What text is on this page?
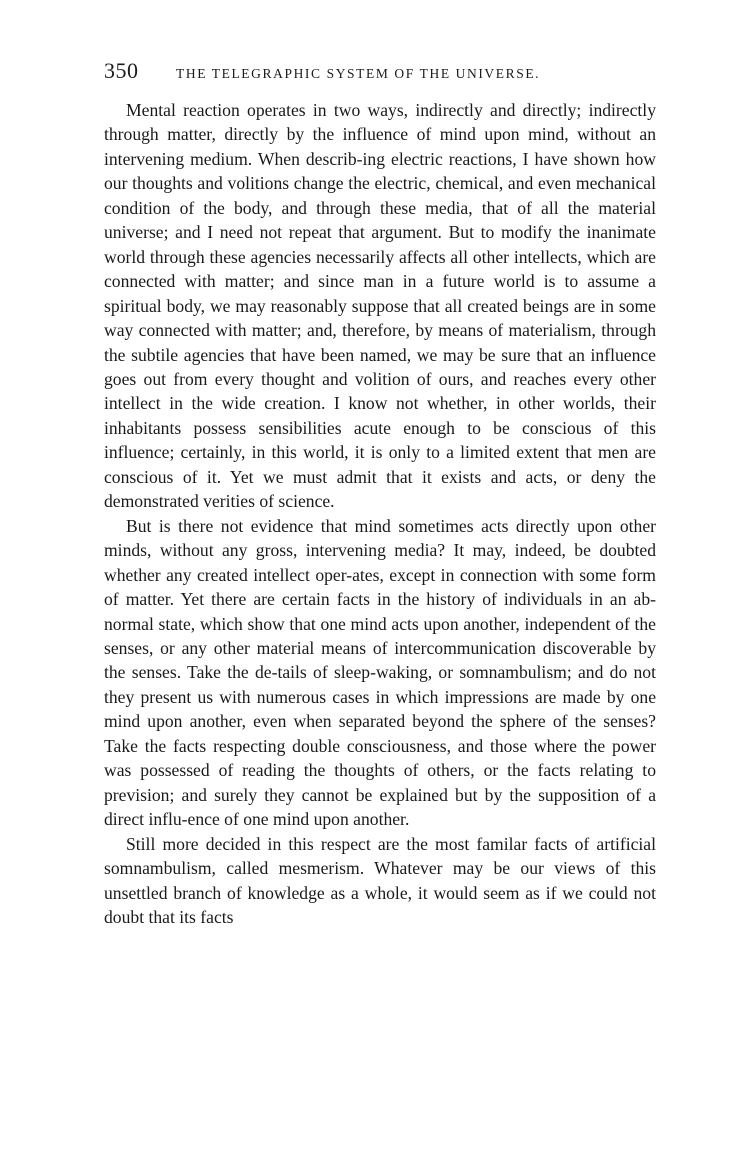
350	THE TELEGRAPHIC SYSTEM OF THE UNIVERSE.

Mental reaction operates in two ways, indirectly and directly; indirectly through matter, directly by the influence of mind upon mind, without an intervening medium. When describ-ing electric reactions, I have shown how our thoughts and volitions change the electric, chemical, and even mechanical condition of the body, and through these media, that of all the material universe; and I need not repeat that argument. But to modify the inanimate world through these agencies necessarily affects all other intellects, which are connected with matter; and since man in a future world is to assume a spiritual body, we may reasonably suppose that all created beings are in some way connected with matter; and, therefore, by means of materialism, through the subtile agencies that have been named, we may be sure that an influence goes out from every thought and volition of ours, and reaches every other intellect in the wide creation. I know not whether, in other worlds, their inhabitants possess sensibilities acute enough to be conscious of this influence; certainly, in this world, it is only to a limited extent that men are conscious of it. Yet we must admit that it exists and acts, or deny the demonstrated verities of science.

But is there not evidence that mind sometimes acts directly upon other minds, without any gross, intervening media? It may, indeed, be doubted whether any created intellect oper-ates, except in connection with some form of matter. Yet there are certain facts in the history of individuals in an ab-normal state, which show that one mind acts upon another, independent of the senses, or any other material means of intercommunication discoverable by the senses. Take the de-tails of sleep-waking, or somnambulism; and do not they present us with numerous cases in which impressions are made by one mind upon another, even when separated beyond the sphere of the senses? Take the facts respecting double consciousness, and those where the power was possessed of reading the thoughts of others, or the facts relating to prevision; and surely they cannot be explained but by the supposition of a direct influ-ence of one mind upon another.

Still more decided in this respect are the most familar facts of artificial somnambulism, called mesmerism. Whatever may be our views of this unsettled branch of knowledge as a whole, it would seem as if we could not doubt that its facts
